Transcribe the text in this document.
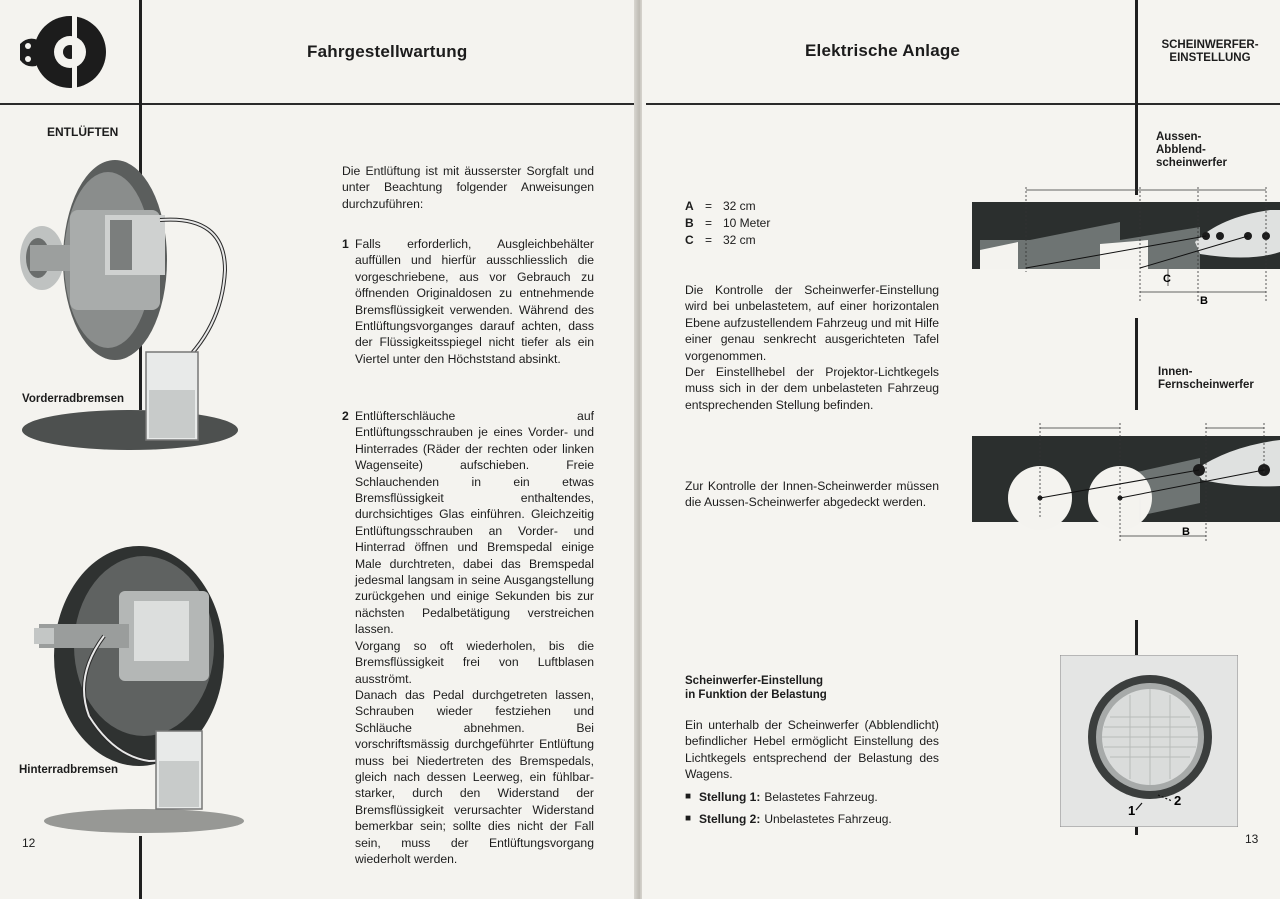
Fahrgestellwartung
ENTLÜFTEN
Vorderradbremsen
Hinterradbremsen
12
Die Entlüftung ist mit äusserster Sorgfalt und unter Beachtung folgender Anweisungen durchzuführen:
1 Falls erforderlich, Ausgleichbehälter auffüllen und hierfür ausschliesslich die vorgeschriebene, aus vor Gebrauch zu öffnenden Originaldosen zu entnehmende Bremsflüssigkeit verwenden. Während des Entlüftungsvorganges darauf achten, dass der Flüssigkeitsspiegel nicht tiefer als ein Viertel unter den Höchststand absinkt.
2 Entlüfterschläuche auf Entlüftungsschrauben je eines Vorder- und Hinterrades (Räder der rechten oder linken Wagenseite) aufschieben. Freie Schlauchenden in ein etwas Bremsflüssigkeit enthaltendes, durchsichtiges Glas einführen. Gleichzeitig Entlüftungsschrauben an Vorder- und Hinterrad öffnen und Bremspedal einige Male durchtreten, dabei das Bremspedal jedesmal langsam in seine Ausgangstellung zurückgehen und einige Sekunden bis zur nächsten Pedalbetätigung verstreichen lassen.

Vorgang so oft wiederholen, bis die Bremsflüssigkeit frei von Luftblasen ausströmt.

Danach das Pedal durchgetreten lassen, Schrauben wieder festziehen und Schläuche abnehmen. Bei vorschriftsmässig durchgeführter Entlüftung muss bei Niedertreten des Bremspedals, gleich nach dessen Leerweg, ein fühlbar-starker, durch den Widerstand der Bremsflüssigkeit verursachter Widerstand bemerkbar sein; sollte dies nicht der Fall sein, muss der Entlüftungsvorgang wiederholt werden.

Elektrische Anlage	SCHEINWERFER-
EINSTELLUNG
Aussen-
Abblend-
scheinwerfer
Innen-
Fernscheinwerfer
A = 32 cm
B = 10 Meter
C = 32 cm

Die Kontrolle der Scheinwerfer-Einstellung wird bei unbelastetem, auf einer horizontalen Ebene aufzustellendem Fahrzeug und mit Hilfe einer genau senkrecht ausgerichteten Tafel vorgenommen.

Der Einstellhebel der Projektor-Lichtkegels muss sich in der dem unbelasteten Fahrzeug entsprechenden Stellung befinden.

Zur Kontrolle der Innen-Scheinwerder müssen die Aussen-Scheinwerfer abgedeckt werden.
Scheinwerfer-Einstellung
in Funktion der Belastung
Ein unterhalb der Scheinwerfer (Abblendlicht) befindlicher Hebel ermöglicht Einstellung des Lichtkegels entsprechend der Belastung des Wagens.
■ Stellung 1: Belastetes Fahrzeug.
■ Stellung 2: Unbelastetes Fahrzeug.
13
C
B
A
B
1
2
